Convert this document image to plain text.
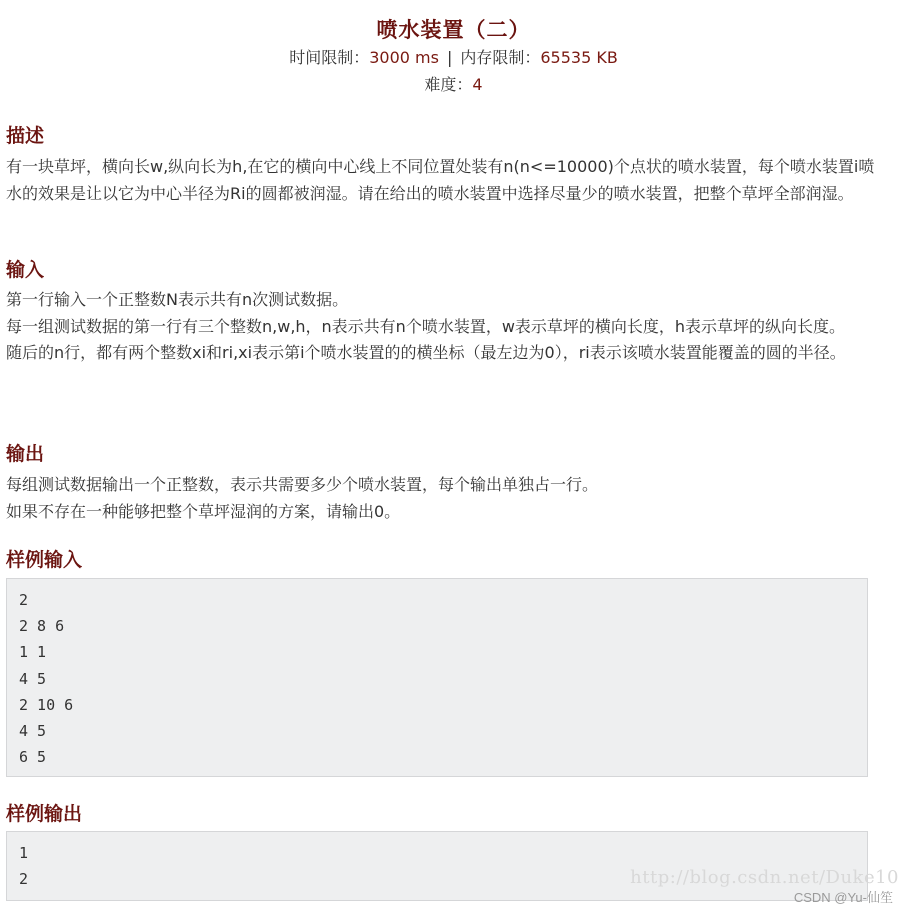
喷水装置（二）
时间限制：3000 ms | 内存限制：65535 KB
难度：4
描述

有一块草坪，横向长w,纵向长为h,在它的横向中心线上不同位置处装有n(n<=10000)个点状的喷水装置，每个喷水装置i喷水的效果是让以它为中心半径为Ri的圆都被润湿。请在给出的喷水装置中选择尽量少的喷水装置，把整个草坪全部润湿。

输入

第一行输入一个正整数N表示共有n次测试数据。

每一组测试数据的第一行有三个整数n,w,h，n表示共有n个喷水装置，w表示草坪的横向长度，h表示草坪的纵向长度。

随后的n行，都有两个整数xi和ri,xi表示第i个喷水装置的的横坐标（最左边为0），ri表示该喷水装置能覆盖的圆的半径。

输出

每组测试数据输出一个正整数，表示共需要多少个喷水装置，每个输出单独占一行。

如果不存在一种能够把整个草坪湿润的方案，请输出0。

样例输入
2
2 8 6
1 1
4 5
2 10 6
4 5
6 5
样例输出
1
2	http://blog.csdn.net/Duke10
CSDN @Yu-仙笙
